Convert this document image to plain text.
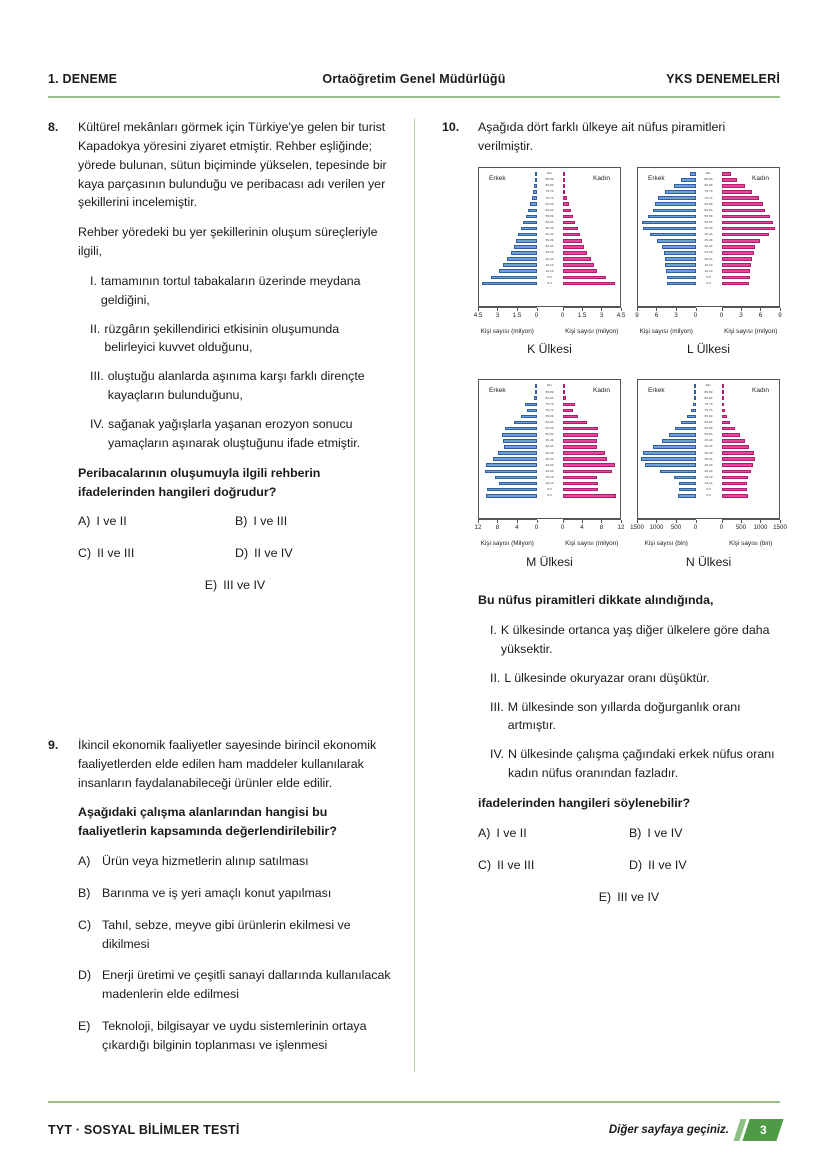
1. DENEME	Ortaöğretim Genel Müdürlüğü	YKS DENEMELERİ
8.	Kültürel mekânları görmek için Türkiye'ye gelen bir turist Kapadokya yöresini ziyaret etmiştir. Rehber eşliğinde; yörede bulunan, sütun biçiminde yükselen, tepesinde bir kaya parçasının bulunduğu ve peribacası adı verilen yer şekillerini incelemiştir.

Rehber yöredeki bu yer şekillerinin oluşum süreçleriyle ilgili,

I. tamamının tortul tabakaların üzerinde meydana geldiğini,
II. rüzgârın şekillendirici etkisinin oluşumunda belirleyici kuvvet olduğunu,
III. oluştuğu alanlarda aşınıma karşı farklı dirençte kayaçların bulunduğunu,
IV. sağanak yağışlarla yaşanan erozyon sonucu yamaçların aşınarak oluştuğunu ifade etmiştir.

Peribacalarının oluşumuyla ilgili rehberin ifadelerinden hangileri doğrudur?

A) I ve II	B) I ve III
C) II ve III	D) II ve IV
E) III ve IV
9.	İkincil ekonomik faaliyetler sayesinde birincil ekonomik faaliyetlerden elde edilen ham maddeler kullanılarak insanların faydalanabileceği ürünler elde edilir.

Aşağıdaki çalışma alanlarından hangisi bu faaliyetlerin kapsamında değerlendirilebilir?

A) Ürün veya hizmetlerin alınıp satılması
B) Barınma ve iş yeri amaçlı konut yapılması
C) Tahıl, sebze, meyve gibi ürünlerin ekilmesi ve dikilmesi
D) Enerji üretimi ve çeşitli sanayi dallarında kullanılacak madenlerin elde edilmesi
E) Teknoloji, bilgisayar ve uydu sistemlerinin ortaya çıkardığı bilginin toplanması ve işlenmesi
10.	Aşağıda dört farklı ülkeye ait nüfus piramitleri verilmiştir.

Erkek
90+
85-89
80-84
75-79
70-74
65-69
60-64
55-59
50-54
45-49
40-44
35-39
30-34
25-29
20-24
15-19
10-14
5-9
0-4
Kadın
4.5 3 1.5 0	0 1.5 3 4.5
Kişi sayısı (milyon)	Kişi sayısı (milyon)
K Ülkesi
Erkek
90+
85-89
80-84
75-79
70-74
65-69
60-64
55-59
50-54
45-49
40-44
35-39
30-34
25-29
20-24
15-19
10-14
5-9
0-4
Kadın
9	6	3	0	0	3	6	9
Kişi sayısı (milyon)	Kişi sayısı (milyon)
L Ülkesi
Erkek
90+
85-89
80-84
75-79
70-74
65-69
60-64
55-59
50-54
45-49
40-44
35-39
30-34
25-29
20-24
15-19
10-14
5-9
0-4
Kadın
12 8	4	0	0	4	8 12
Kişi sayısı (Milyon)	Kişi sayısı (milyon)
M Ülkesi
Erkek
90+
85-89
80-84
75-79
70-74
65-69
60-64
55-59
50-54
45-49
40-44
35-39
30-34
25-29
20-24
15-19
10-14
5-9
0-4
Kadın
1500 1000 500 0	0 500 1000 1500
Kişi sayısı (bin)	Kişi sayısı (bin)
N Ülkesi

Bu nüfus piramitleri dikkate alındığında,

I. K ülkesinde ortanca yaş diğer ülkelere göre daha yüksektir.
II. L ülkesinde okuryazar oranı düşüktür.
III. M ülkesinde son yıllarda doğurganlık oranı artmıştır.
IV. N ülkesinde çalışma çağındaki erkek nüfus oranı kadın nüfus oranından fazladır.

ifadelerinden hangileri söylenebilir?

A) I ve II	B) I ve IV
C) II ve III	D) II ve IV
E) III ve IV
TYT · SOSYAL BİLİMLER TESTİ	Diğer sayfaya geçiniz.	3
